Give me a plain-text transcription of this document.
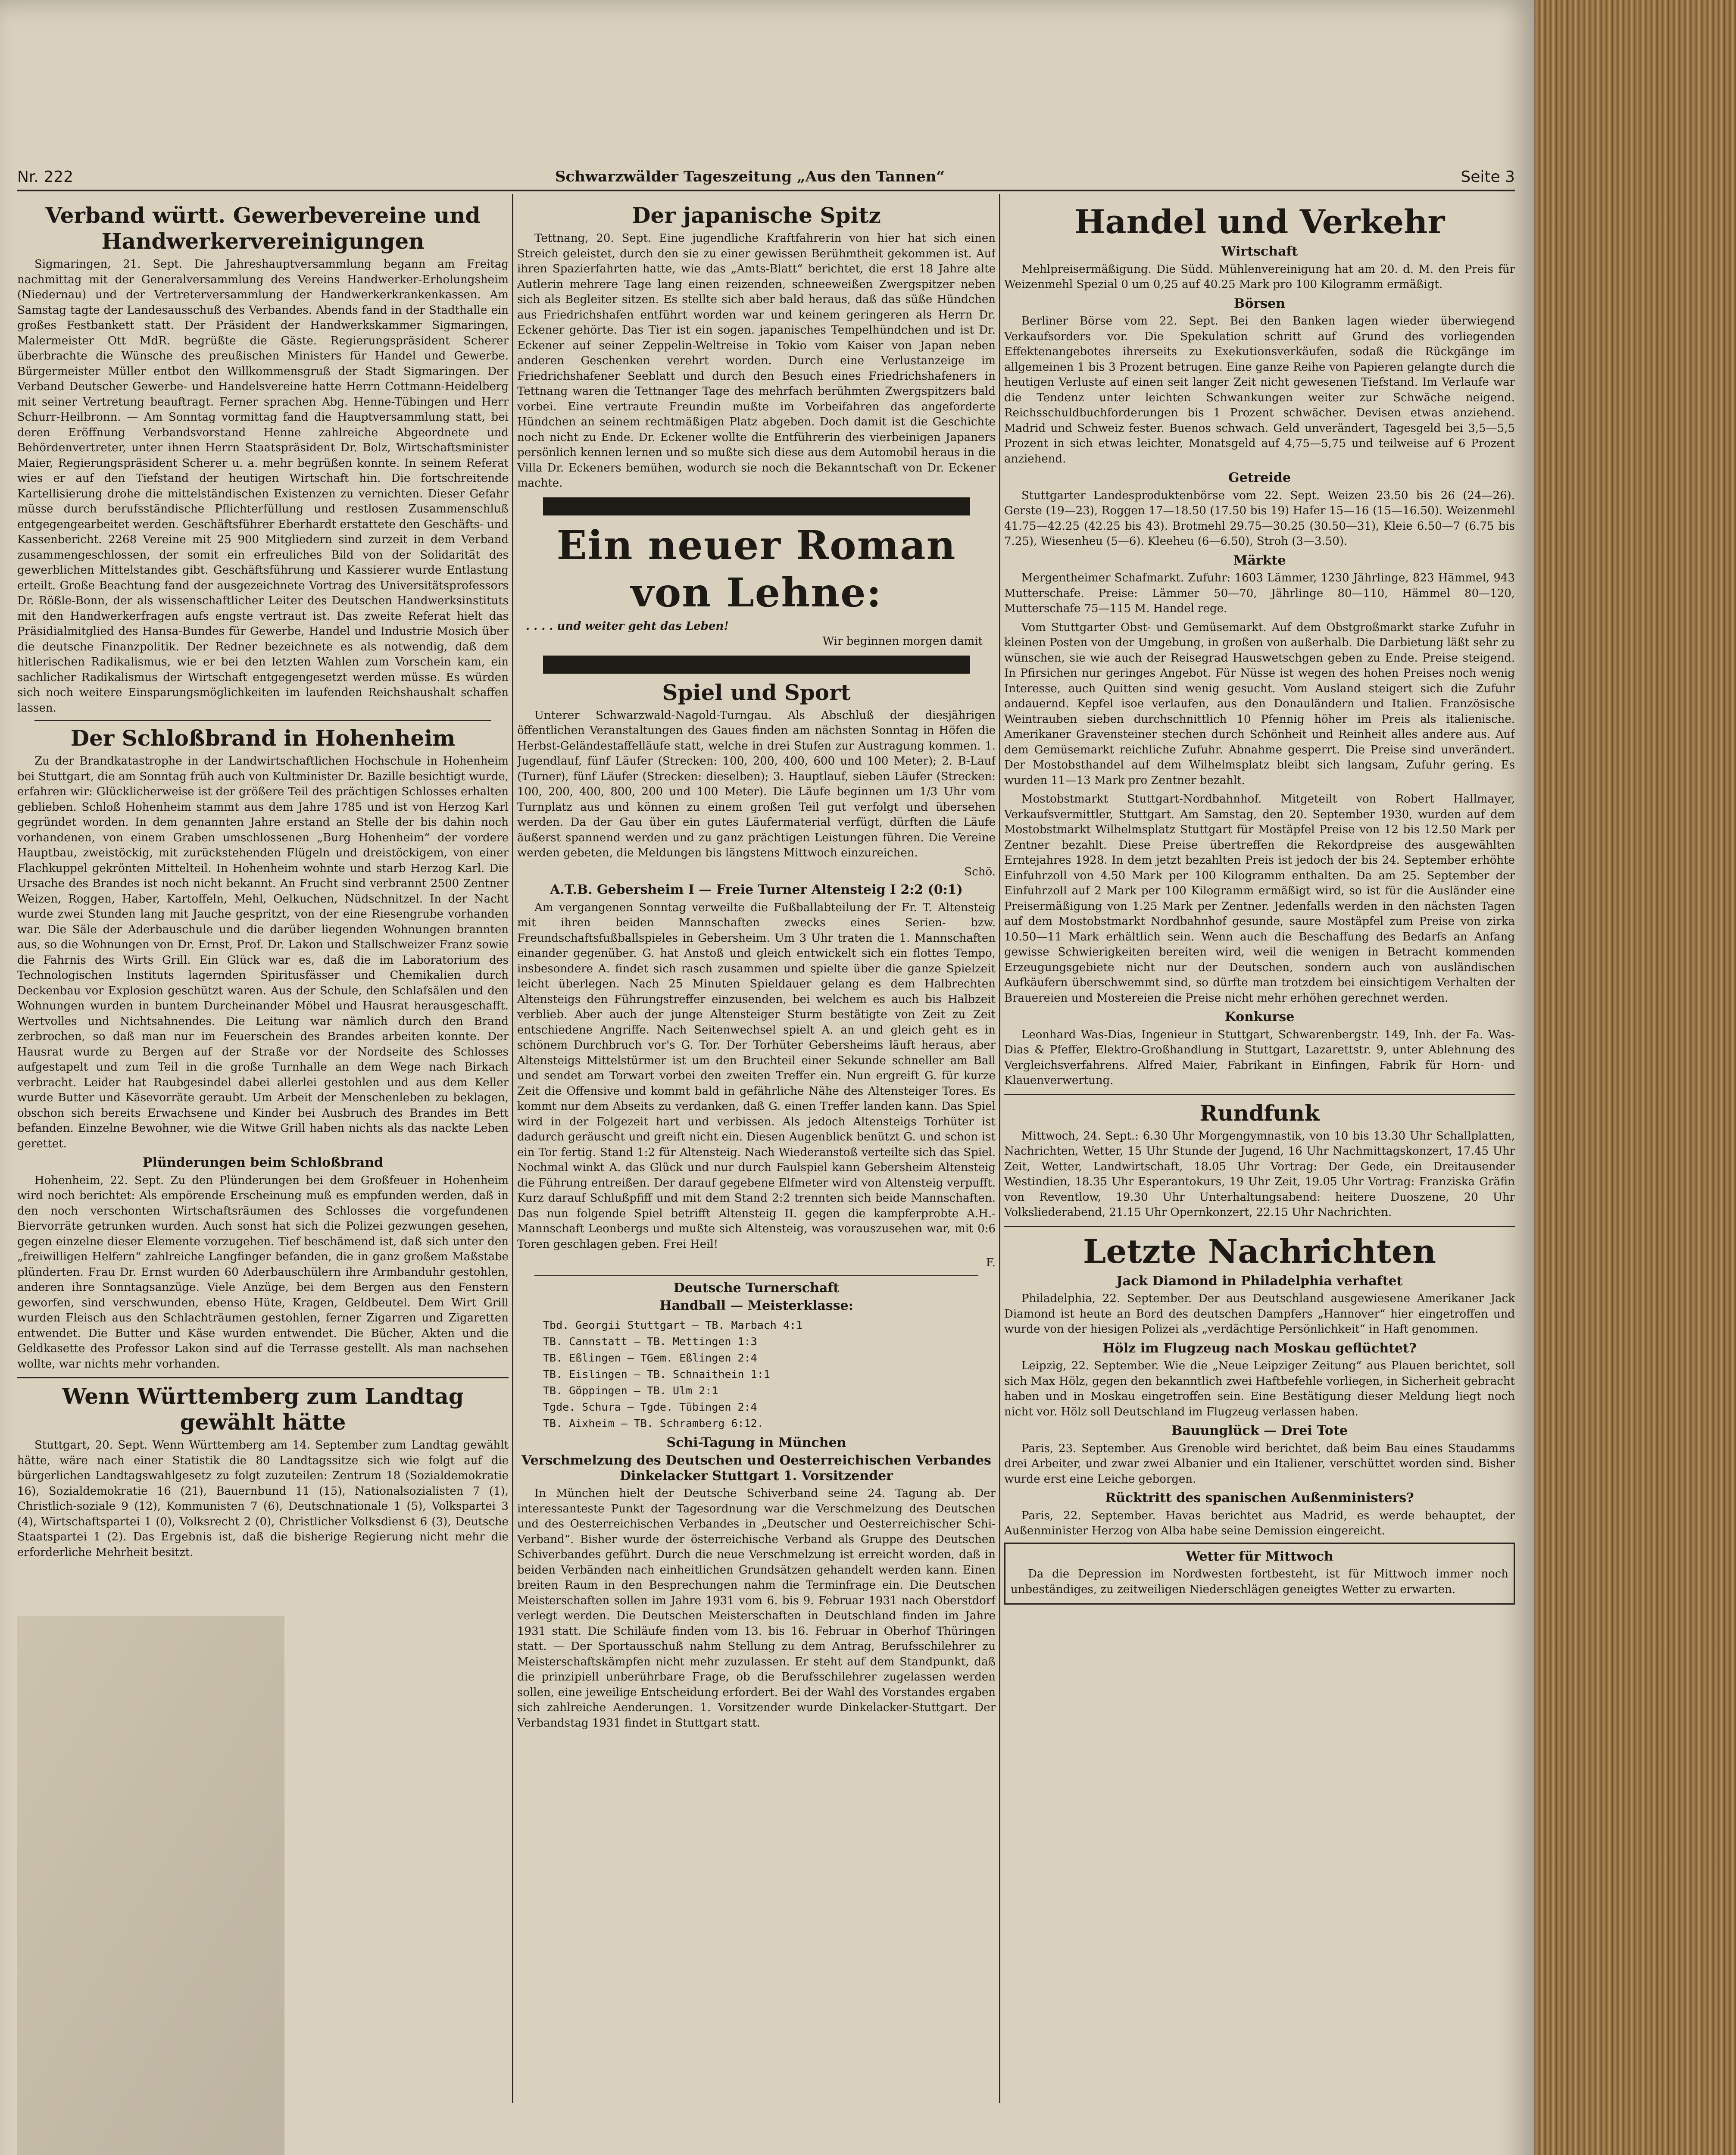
Nr. 222	Schwarzwälder Tageszeitung „Aus den Tannen“	Seite 3
Verband württ. Gewerbevereine und Handwerkervereinigungen

Sigmaringen, 21. Sept. Die Jahreshauptversammlung begann am Freitag nachmittag mit der Generalversammlung des Vereins Handwerker-Erholungsheim (Niedernau) und der Vertreterversammlung der Handwerkerkrankenkassen. Am Samstag tagte der Landesausschuß des Verbandes. Abends fand in der Stadthalle ein großes Festbankett statt. Der Präsident der Handwerkskammer Sigmaringen, Malermeister Ott MdR. begrüßte die Gäste. Regierungspräsident Scherer überbrachte die Wünsche des preußischen Ministers für Handel und Gewerbe. Bürgermeister Müller entbot den Willkommensgruß der Stadt Sigmaringen. Der Verband Deutscher Gewerbe- und Handelsvereine hatte Herrn Cottmann-Heidelberg mit seiner Vertretung beauftragt. Ferner sprachen Abg. Henne-Tübingen und Herr Schurr-Heilbronn. — Am Sonntag vormittag fand die Hauptversammlung statt, bei deren Eröffnung Verbandsvorstand Henne zahlreiche Abgeordnete und Behördenvertreter, unter ihnen Herrn Staatspräsident Dr. Bolz, Wirtschaftsminister Maier, Regierungspräsident Scherer u. a. mehr begrüßen konnte. In seinem Referat wies er auf den Tiefstand der heutigen Wirtschaft hin. Die fortschreitende Kartellisierung drohe die mittelständischen Existenzen zu vernichten. Dieser Gefahr müsse durch berufsständische Pflichterfüllung und restlosen Zusammenschluß entgegengearbeitet werden. Geschäftsführer Eberhardt erstattete den Geschäfts- und Kassenbericht. 2268 Vereine mit 25 900 Mitgliedern sind zurzeit in dem Verband zusammengeschlossen, der somit ein erfreuliches Bild von der Solidarität des gewerblichen Mittelstandes gibt. Geschäftsführung und Kassierer wurde Entlastung erteilt. Große Beachtung fand der ausgezeichnete Vortrag des Universitätsprofessors Dr. Rößle-Bonn, der als wissenschaftlicher Leiter des Deutschen Handwerksinstituts mit den Handwerkerfragen aufs engste vertraut ist. Das zweite Referat hielt das Präsidialmitglied des Hansa-Bundes für Gewerbe, Handel und Industrie Mosich über die deutsche Finanzpolitik. Der Redner bezeichnete es als notwendig, daß dem hitlerischen Radikalismus, wie er bei den letzten Wahlen zum Vorschein kam, ein sachlicher Radikalismus der Wirtschaft entgegengesetzt werden müsse. Es würden sich noch weitere Einsparungsmöglichkeiten im laufenden Reichshaushalt schaffen lassen.

Der Schloßbrand in Hohenheim

Zu der Brandkatastrophe in der Landwirtschaftlichen Hochschule in Hohenheim bei Stuttgart, die am Sonntag früh auch von Kultminister Dr. Bazille besichtigt wurde, erfahren wir: Glücklicherweise ist der größere Teil des prächtigen Schlosses erhalten geblieben. Schloß Hohenheim stammt aus dem Jahre 1785 und ist von Herzog Karl gegründet worden. In dem genannten Jahre erstand an Stelle der bis dahin noch vorhandenen, von einem Graben umschlossenen „Burg Hohenheim“ der vordere Hauptbau, zweistöckig, mit zurückstehenden Flügeln und dreistöckigem, von einer Flachkuppel gekrönten Mittelteil. In Hohenheim wohnte und starb Herzog Karl. Die Ursache des Brandes ist noch nicht bekannt. An Frucht sind verbrannt 2500 Zentner Weizen, Roggen, Haber, Kartoffeln, Mehl, Oelkuchen, Nüdschnitzel. In der Nacht wurde zwei Stunden lang mit Jauche gespritzt, von der eine Riesengrube vorhanden war. Die Säle der Aderbauschule und die darüber liegenden Wohnungen brannten aus, so die Wohnungen von Dr. Ernst, Prof. Dr. Lakon und Stallschweizer Franz sowie die Fahrnis des Wirts Grill. Ein Glück war es, daß die im Laboratorium des Technologischen Instituts lagernden Spiritusfässer und Chemikalien durch Deckenbau vor Explosion geschützt waren. Aus der Schule, den Schlafsälen und den Wohnungen wurden in buntem Durcheinander Möbel und Hausrat herausgeschafft. Wertvolles und Nichtsahnendes. Die Leitung war nämlich durch den Brand zerbrochen, so daß man nur im Feuerschein des Brandes arbeiten konnte. Der Hausrat wurde zu Bergen auf der Straße vor der Nordseite des Schlosses aufgestapelt und zum Teil in die große Turnhalle an dem Wege nach Birkach verbracht. Leider hat Raubgesindel dabei allerlei gestohlen und aus dem Keller wurde Butter und Käsevorräte geraubt. Um Arbeit der Menschenleben zu beklagen, obschon sich bereits Erwachsene und Kinder bei Ausbruch des Brandes im Bett befanden. Einzelne Bewohner, wie die Witwe Grill haben nichts als das nackte Leben gerettet.

Plünderungen beim Schloßbrand

Hohenheim, 22. Sept. Zu den Plünderungen bei dem Großfeuer in Hohenheim wird noch berichtet: Als empörende Erscheinung muß es empfunden werden, daß in den noch verschonten Wirtschaftsräumen des Schlosses die vorgefundenen Biervorräte getrunken wurden. Auch sonst hat sich die Polizei gezwungen gesehen, gegen einzelne dieser Elemente vorzugehen. Tief beschämend ist, daß sich unter den „freiwilligen Helfern“ zahlreiche Langfinger befanden, die in ganz großem Maßstabe plünderten. Frau Dr. Ernst wurden 60 Aderbauschülern ihre Armbanduhr gestohlen, anderen ihre Sonntagsanzüge. Viele Anzüge, bei dem Bergen aus den Fenstern geworfen, sind verschwunden, ebenso Hüte, Kragen, Geldbeutel. Dem Wirt Grill wurden Fleisch aus den Schlachträumen gestohlen, ferner Zigarren und Zigaretten entwendet. Die Butter und Käse wurden entwendet. Die Bücher, Akten und die Geldkasette des Professor Lakon sind auf die Terrasse gestellt. Als man nachsehen wollte, war nichts mehr vorhanden.

Wenn Württemberg zum Landtag gewählt hätte

Stuttgart, 20. Sept. Wenn Württemberg am 14. September zum Landtag gewählt hätte, wäre nach einer Statistik die 80 Landtagssitze sich wie folgt auf die bürgerlichen Landtagswahlgesetz zu folgt zuzuteilen: Zentrum 18 (Sozialdemokratie 16), Sozialdemokratie 16 (21), Bauernbund 11 (15), Nationalsozialisten 7 (1), Christlich-soziale 9 (12), Kommunisten 7 (6), Deutschnationale 1 (5), Volkspartei 3 (4), Wirtschaftspartei 1 (0), Volksrecht 2 (0), Christlicher Volksdienst 6 (3), Deutsche Staatspartei 1 (2). Das Ergebnis ist, daß die bisherige Regierung nicht mehr die erforderliche Mehrheit besitzt.

Der japanische Spitz

Tettnang, 20. Sept. Eine jugendliche Kraftfahrerin von hier hat sich einen Streich geleistet, durch den sie zu einer gewissen Berühmtheit gekommen ist. Auf ihren Spazierfahrten hatte, wie das „Amts-Blatt“ berichtet, die erst 18 Jahre alte Autlerin mehrere Tage lang einen reizenden, schneeweißen Zwergspitzer neben sich als Begleiter sitzen. Es stellte sich aber bald heraus, daß das süße Hündchen aus Friedrichshafen entführt worden war und keinem geringeren als Herrn Dr. Eckener gehörte. Das Tier ist ein sogen. japanisches Tempelhündchen und ist Dr. Eckener auf seiner Zeppelin-Weltreise in Tokio vom Kaiser von Japan neben anderen Geschenken verehrt worden. Durch eine Verlustanzeige im Friedrichshafener Seeblatt und durch den Besuch eines Friedrichshafeners in Tettnang waren die Tettnanger Tage des mehrfach berühmten Zwergspitzers bald vorbei. Eine vertraute Freundin mußte im Vorbeifahren das angeforderte Hündchen an seinem rechtmäßigen Platz abgeben. Doch damit ist die Geschichte noch nicht zu Ende. Dr. Eckener wollte die Entführerin des vierbeinigen Japaners persönlich kennen lernen und so mußte sich diese aus dem Automobil heraus in die Villa Dr. Eckeners bemühen, wodurch sie noch die Bekanntschaft von Dr. Eckener machte.

Ein neuer Roman von Lehne:
. . . . und weiter geht das Leben!
Wir beginnen morgen damit
Spiel und Sport

Unterer Schwarzwald-Nagold-Turngau. Als Abschluß der diesjährigen öffentlichen Veranstaltungen des Gaues finden am nächsten Sonntag in Höfen die Herbst-Geländestaffelläufe statt, welche in drei Stufen zur Austragung kommen. 1. Jugendlauf, fünf Läufer (Strecken: 100, 200, 400, 600 und 100 Meter); 2. B-Lauf (Turner), fünf Läufer (Strecken: dieselben); 3. Hauptlauf, sieben Läufer (Strecken: 100, 200, 400, 800, 200 und 100 Meter). Die Läufe beginnen um 1/3 Uhr vom Turnplatz aus und können zu einem großen Teil gut verfolgt und übersehen werden. Da der Gau über ein gutes Läufermaterial verfügt, dürften die Läufe äußerst spannend werden und zu ganz prächtigen Leistungen führen. Die Vereine werden gebeten, die Meldungen bis längstens Mittwoch einzureichen.

Schö.
A.T.B. Gebersheim I — Freie Turner Altensteig I 2:2 (0:1)

Am vergangenen Sonntag verweilte die Fußballabteilung der Fr. T. Altensteig mit ihren beiden Mannschaften zwecks eines Serien- bzw. Freundschaftsfußballspieles in Gebersheim. Um 3 Uhr traten die 1. Mannschaften einander gegenüber. G. hat Anstoß und gleich entwickelt sich ein flottes Tempo, insbesondere A. findet sich rasch zusammen und spielte über die ganze Spielzeit leicht überlegen. Nach 25 Minuten Spieldauer gelang es dem Halbrechten Altensteigs den Führungstreffer einzusenden, bei welchem es auch bis Halbzeit verblieb. Aber auch der junge Altensteiger Sturm bestätigte von Zeit zu Zeit entschiedene Angriffe. Nach Seitenwechsel spielt A. an und gleich geht es in schönem Durchbruch vor's G. Tor. Der Torhüter Gebersheims läuft heraus, aber Altensteigs Mittelstürmer ist um den Bruchteil einer Sekunde schneller am Ball und sendet am Torwart vorbei den zweiten Treffer ein. Nun ergreift G. für kurze Zeit die Offensive und kommt bald in gefährliche Nähe des Altensteiger Tores. Es kommt nur dem Abseits zu verdanken, daß G. einen Treffer landen kann. Das Spiel wird in der Folgezeit hart und verbissen. Als jedoch Altensteigs Torhüter ist dadurch geräuscht und greift nicht ein. Diesen Augenblick benützt G. und schon ist ein Tor fertig. Stand 1:2 für Altensteig. Nach Wiederanstoß verteilte sich das Spiel. Nochmal winkt A. das Glück und nur durch Faulspiel kann Gebersheim Altensteig die Führung entreißen. Der darauf gegebene Elfmeter wird von Altensteig verpufft. Kurz darauf Schlußpfiff und mit dem Stand 2:2 trennten sich beide Mannschaften. Das nun folgende Spiel betrifft Altensteig II. gegen die kampferprobte A.H.-Mannschaft Leonbergs und mußte sich Altensteig, was vorauszusehen war, mit 0:6 Toren geschlagen geben. Frei Heil!

F.
Deutsche Turnerschaft
Handball — Meisterklasse:
Tbd. Georgii Stuttgart — TB. Marbach 4:1
TB. Cannstatt — TB. Mettingen 1:3
TB. Eßlingen — TGem. Eßlingen 2:4
TB. Eislingen — TB. Schnaithein 1:1
TB. Göppingen — TB. Ulm 2:1
Tgde. Schura — Tgde. Tübingen 2:4
TB. Aixheim — TB. Schramberg 6:12.
Schi-Tagung in München
Verschmelzung des Deutschen und Oesterreichischen Verbandes Dinkelacker Stuttgart 1. Vorsitzender

In München hielt der Deutsche Schiverband seine 24. Tagung ab. Der interessanteste Punkt der Tagesordnung war die Verschmelzung des Deutschen und des Oesterreichischen Verbandes in „Deutscher und Oesterreichischer Schi-Verband“. Bisher wurde der österreichische Verband als Gruppe des Deutschen Schiverbandes geführt. Durch die neue Verschmelzung ist erreicht worden, daß in beiden Verbänden nach einheitlichen Grundsätzen gehandelt werden kann. Einen breiten Raum in den Besprechungen nahm die Terminfrage ein. Die Deutschen Meisterschaften sollen im Jahre 1931 vom 6. bis 9. Februar 1931 nach Oberstdorf verlegt werden. Die Deutschen Meisterschaften in Deutschland finden im Jahre 1931 statt. Die Schiläufe finden vom 13. bis 16. Februar in Oberhof Thüringen statt. — Der Sportausschuß nahm Stellung zu dem Antrag, Berufsschilehrer zu Meisterschaftskämpfen nicht mehr zuzulassen. Er steht auf dem Standpunkt, daß die prinzipiell unberührbare Frage, ob die Berufsschilehrer zugelassen werden sollen, eine jeweilige Entscheidung erfordert. Bei der Wahl des Vorstandes ergaben sich zahlreiche Aenderungen. 1. Vorsitzender wurde Dinkelacker-Stuttgart. Der Verbandstag 1931 findet in Stuttgart statt.

Handel und Verkehr
Wirtschaft

Mehlpreisermäßigung. Die Südd. Mühlenvereinigung hat am 20. d. M. den Preis für Weizenmehl Spezial 0 um 0,25 auf 40.25 Mark pro 100 Kilogramm ermäßigt.

Börsen

Berliner Börse vom 22. Sept. Bei den Banken lagen wieder überwiegend Verkaufsorders vor. Die Spekulation schritt auf Grund des vorliegenden Effektenangebotes ihrerseits zu Exekutionsverkäufen, sodaß die Rückgänge im allgemeinen 1 bis 3 Prozent betrugen. Eine ganze Reihe von Papieren gelangte durch die heutigen Verluste auf einen seit langer Zeit nicht gewesenen Tiefstand. Im Verlaufe war die Tendenz unter leichten Schwankungen weiter zur Schwäche neigend. Reichsschuldbuchforderungen bis 1 Prozent schwächer. Devisen etwas anziehend. Madrid und Schweiz fester. Buenos schwach. Geld unverändert, Tagesgeld bei 3,5—5,5 Prozent in sich etwas leichter, Monatsgeld auf 4,75—5,75 und teilweise auf 6 Prozent anziehend.

Getreide

Stuttgarter Landesproduktenbörse vom 22. Sept. Weizen 23.50 bis 26 (24—26). Gerste (19—23), Roggen 17—18.50 (17.50 bis 19) Hafer 15—16 (15—16.50). Weizenmehl 41.75—42.25 (42.25 bis 43). Brotmehl 29.75—30.25 (30.50—31), Kleie 6.50—7 (6.75 bis 7.25), Wiesenheu (5—6). Kleeheu (6—6.50), Stroh (3—3.50).

Märkte

Mergentheimer Schafmarkt. Zufuhr: 1603 Lämmer, 1230 Jährlinge, 823 Hämmel, 943 Mutterschafe. Preise: Lämmer 50—70, Jährlinge 80—110, Hämmel 80—120, Mutterschafe 75—115 M. Handel rege.

Vom Stuttgarter Obst- und Gemüsemarkt. Auf dem Obstgroßmarkt starke Zufuhr in kleinen Posten von der Umgebung, in großen von außerhalb. Die Darbietung läßt sehr zu wünschen, sie wie auch der Reisegrad Hauswetschgen geben zu Ende. Preise steigend. In Pfirsichen nur geringes Angebot. Für Nüsse ist wegen des hohen Preises noch wenig Interesse, auch Quitten sind wenig gesucht. Vom Ausland steigert sich die Zufuhr andauernd. Kepfel isoe verlaufen, aus den Donauländern und Italien. Französische Weintrauben sieben durchschnittlich 10 Pfennig höher im Preis als italienische. Amerikaner Gravensteiner stechen durch Schönheit und Reinheit alles andere aus. Auf dem Gemüsemarkt reichliche Zufuhr. Abnahme gesperrt. Die Preise sind unverändert. Der Mostobsthandel auf dem Wilhelmsplatz bleibt sich langsam, Zufuhr gering. Es wurden 11—13 Mark pro Zentner bezahlt.

Mostobstmarkt Stuttgart-Nordbahnhof. Mitgeteilt von Robert Hallmayer, Verkaufsvermittler, Stuttgart. Am Samstag, den 20. September 1930, wurden auf dem Mostobstmarkt Wilhelmsplatz Stuttgart für Mostäpfel Preise von 12 bis 12.50 Mark per Zentner bezahlt. Diese Preise übertreffen die Rekordpreise des ausgewählten Erntejahres 1928. In dem jetzt bezahlten Preis ist jedoch der bis 24. September erhöhte Einfuhrzoll von 4.50 Mark per 100 Kilogramm enthalten. Da am 25. September der Einfuhrzoll auf 2 Mark per 100 Kilogramm ermäßigt wird, so ist für die Ausländer eine Preisermäßigung von 1.25 Mark per Zentner. Jedenfalls werden in den nächsten Tagen auf dem Mostobstmarkt Nordbahnhof gesunde, saure Mostäpfel zum Preise von zirka 10.50—11 Mark erhältlich sein. Wenn auch die Beschaffung des Bedarfs an Anfang gewisse Schwierigkeiten bereiten wird, weil die wenigen in Betracht kommenden Erzeugungsgebiete nicht nur der Deutschen, sondern auch von ausländischen Aufkäufern überschwemmt sind, so dürfte man trotzdem bei einsichtigem Verhalten der Brauereien und Mostereien die Preise nicht mehr erhöhen gerechnet werden.

Konkurse

Leonhard Was-Dias, Ingenieur in Stuttgart, Schwarenbergstr. 149, Inh. der Fa. Was-Dias & Pfeffer, Elektro-Großhandlung in Stuttgart, Lazarettstr. 9, unter Ablehnung des Vergleichsverfahrens. Alfred Maier, Fabrikant in Einfingen, Fabrik für Horn- und Klauenverwertung.

Rundfunk

Mittwoch, 24. Sept.: 6.30 Uhr Morgengymnastik, von 10 bis 13.30 Uhr Schallplatten, Nachrichten, Wetter, 15 Uhr Stunde der Jugend, 16 Uhr Nachmittagskonzert, 17.45 Uhr Zeit, Wetter, Landwirtschaft, 18.05 Uhr Vortrag: Der Gede, ein Dreitausender Westindien, 18.35 Uhr Esperantokurs, 19 Uhr Zeit, 19.05 Uhr Vortrag: Franziska Gräfin von Reventlow, 19.30 Uhr Unterhaltungsabend: heitere Duoszene, 20 Uhr Volksliederabend, 21.15 Uhr Opernkonzert, 22.15 Uhr Nachrichten.

Letzte Nachrichten
Jack Diamond in Philadelphia verhaftet

Philadelphia, 22. September. Der aus Deutschland ausgewiesene Amerikaner Jack Diamond ist heute an Bord des deutschen Dampfers „Hannover“ hier eingetroffen und wurde von der hiesigen Polizei als „verdächtige Persönlichkeit“ in Haft genommen.

Hölz im Flugzeug nach Moskau geflüchtet?

Leipzig, 22. September. Wie die „Neue Leipziger Zeitung“ aus Plauen berichtet, soll sich Max Hölz, gegen den bekanntlich zwei Haftbefehle vorliegen, in Sicherheit gebracht haben und in Moskau eingetroffen sein. Eine Bestätigung dieser Meldung liegt noch nicht vor. Hölz soll Deutschland im Flugzeug verlassen haben.

Bauunglück — Drei Tote

Paris, 23. September. Aus Grenoble wird berichtet, daß beim Bau eines Staudamms drei Arbeiter, und zwar zwei Albanier und ein Italiener, verschüttet worden sind. Bisher wurde erst eine Leiche geborgen.

Rücktritt des spanischen Außenministers?

Paris, 22. September. Havas berichtet aus Madrid, es werde behauptet, der Außenminister Herzog von Alba habe seine Demission eingereicht.

Wetter für Mittwoch

Da die Depression im Nordwesten fortbesteht, ist für Mittwoch immer noch unbeständiges, zu zeitweiligen Niederschlägen geneigtes Wetter zu erwarten.
